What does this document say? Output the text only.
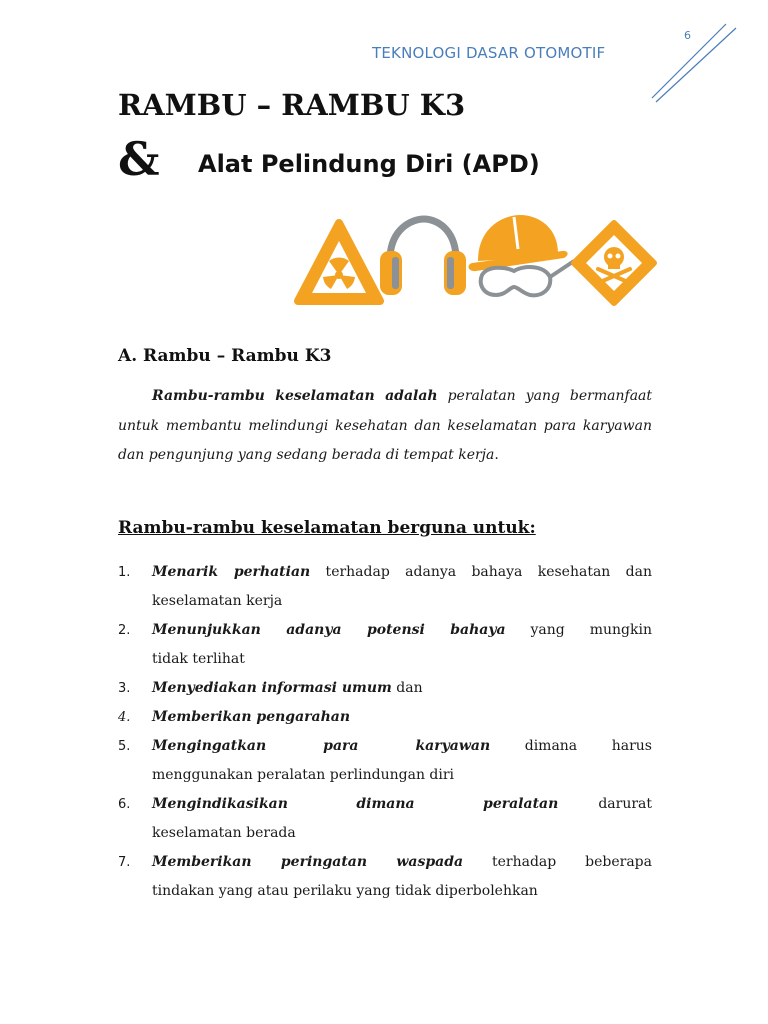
6
TEKNOLOGI DASAR OTOMOTIF
RAMBU – RAMBU K3
& Alat Pelindung Diri (APD)
A. Rambu – Rambu K3

Rambu-rambu keselamatan adalah peralatan yang bermanfaat untuk membantu melindungi kesehatan dan keselamatan para karyawan dan pengunjung yang sedang berada di tempat kerja.

Rambu-rambu keselamatan berguna untuk:
1. Menarik perhatian terhadap adanya bahaya kesehatan dan
keselamatan kerja
2. Menunjukkan adanya potensi bahaya yang mungkin
tidak terlihat
3. Menyediakan informasi umum dan
4. Memberikan pengarahan
5. Mengingatkan para karyawan dimana harus
menggunakan peralatan perlindungan diri
6. Mengindikasikan dimana peralatan darurat
keselamatan berada
7. Memberikan peringatan waspada terhadap beberapa
tindakan yang atau perilaku yang tidak diperbolehkan
